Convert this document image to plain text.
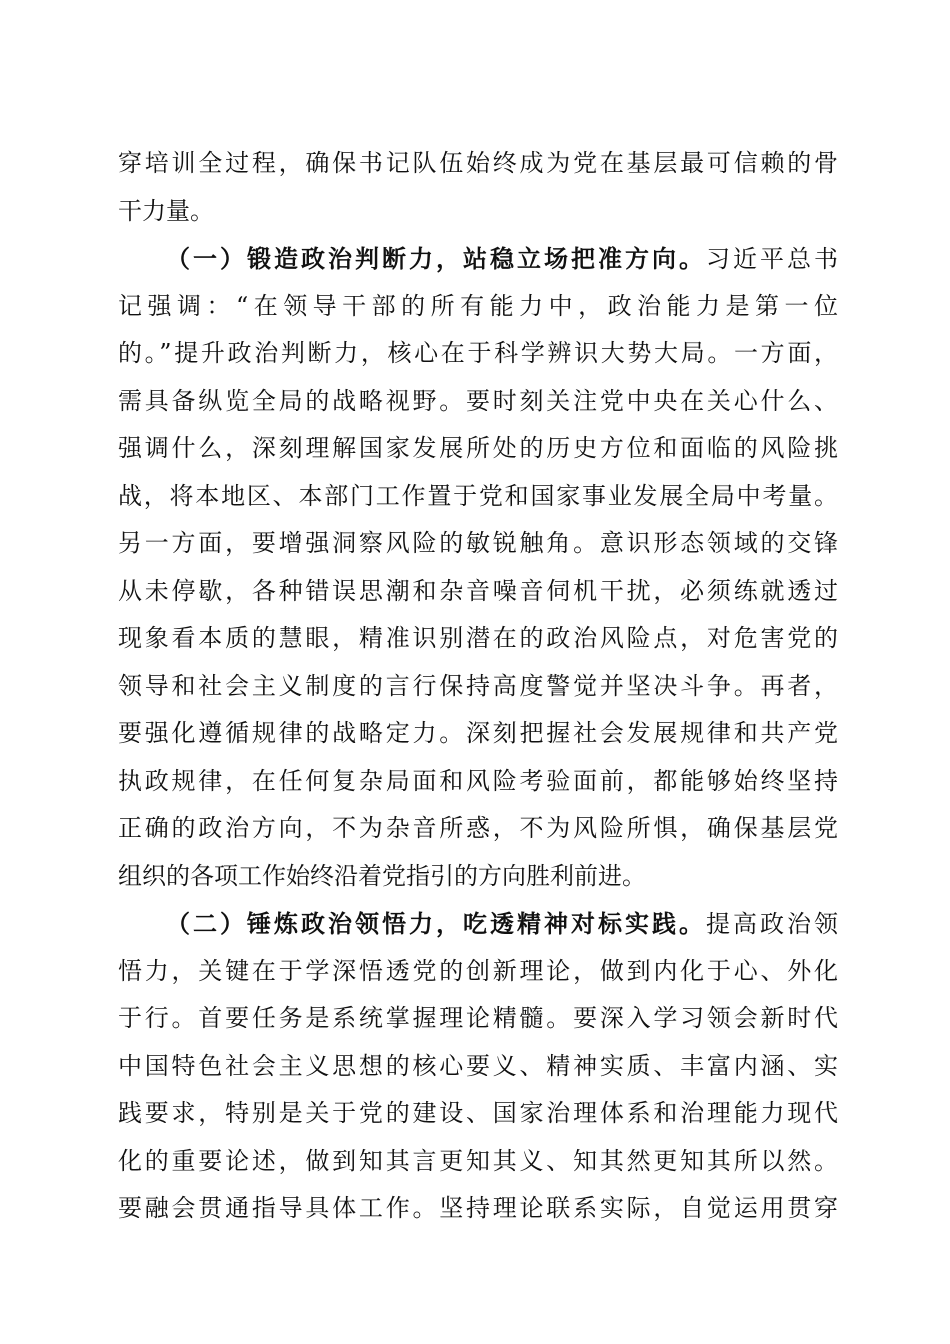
穿培训全过程，确保书记队伍始终成为党在基层最可信赖的骨
干力量。
（一）锻造政治判断力，站稳立场把准方向。习近平总书
记强调：“在领导干部的所有能力中，政治能力是第一位
的。”提升政治判断力，核心在于科学辨识大势大局。一方面，
需具备纵览全局的战略视野。要时刻关注党中央在关心什么、
强调什么，深刻理解国家发展所处的历史方位和面临的风险挑
战，将本地区、本部门工作置于党和国家事业发展全局中考量。
另一方面，要增强洞察风险的敏锐触角。意识形态领域的交锋
从未停歇，各种错误思潮和杂音噪音伺机干扰，必须练就透过
现象看本质的慧眼，精准识别潜在的政治风险点，对危害党的
领导和社会主义制度的言行保持高度警觉并坚决斗争。再者，
要强化遵循规律的战略定力。深刻把握社会发展规律和共产党
执政规律，在任何复杂局面和风险考验面前，都能够始终坚持
正确的政治方向，不为杂音所惑，不为风险所惧，确保基层党
组织的各项工作始终沿着党指引的方向胜利前进。
（二）锤炼政治领悟力，吃透精神对标实践。提高政治领
悟力，关键在于学深悟透党的创新理论，做到内化于心、外化
于行。首要任务是系统掌握理论精髓。要深入学习领会新时代
中国特色社会主义思想的核心要义、精神实质、丰富内涵、实
践要求，特别是关于党的建设、国家治理体系和治理能力现代
化的重要论述，做到知其言更知其义、知其然更知其所以然。
要融会贯通指导具体工作。坚持理论联系实际，自觉运用贯穿
